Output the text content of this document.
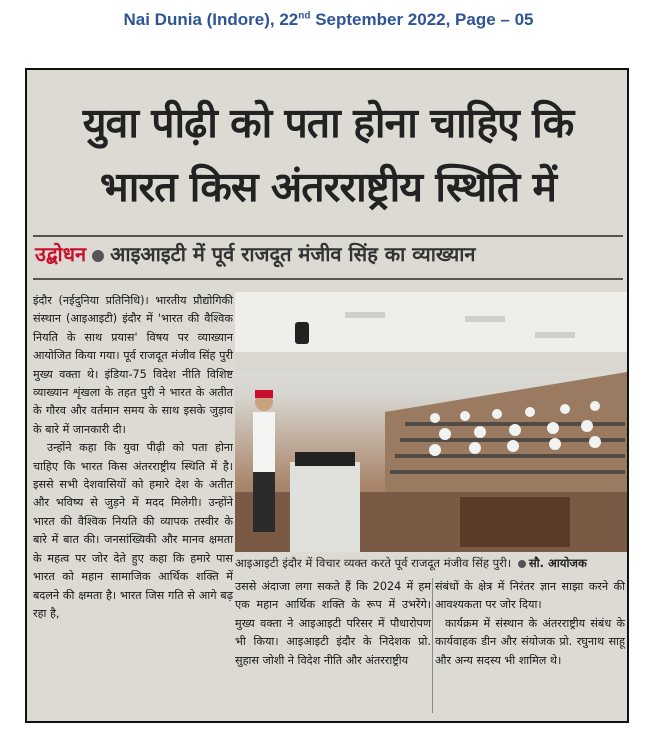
Nai Dunia (Indore), 22nd September 2022, Page – 05
युवा पीढ़ी को पता होना चाहिए कि
भारत किस अंतरराष्ट्रीय स्थिति में
उद्बोधन आइआइटी में पूर्व राजदूत मंजीव सिंह का व्याख्यान

इंदौर (नईदुनिया प्रतिनिधि)। भारतीय प्रौद्योगिकी संस्थान (आइआइटी) इंदौर में 'भारत की वैश्विक नियति के साथ प्रयास' विषय पर व्याख्यान आयोजित किया गया। पूर्व राजदूत मंजीव सिंह पुरी मुख्य वक्ता थे। इंडिया-75 विदेश नीति विशिष्ट व्याख्यान शृंखला के तहत पुरी ने भारत के अतीत के गौरव और वर्तमान समय के साथ इसके जुड़ाव के बारे में जानकारी दी।

उन्होंने कहा कि युवा पीढ़ी को पता होना चाहिए कि भारत किस अंतरराष्ट्रीय स्थिति में है। इससे सभी देशवासियों को हमारे देश के अतीत और भविष्य से जुड़ने में मदद मिलेगी। उन्होंने भारत की वैश्विक नियति की व्यापक तस्वीर के बारे में बात की। जनसांख्यिकी और मानव क्षमता के महत्व पर जोर देते हुए कहा कि हमारे पास भारत को महान सामाजिक आर्थिक शक्ति में बदलने की क्षमता है। भारत जिस गति से आगे बढ़ रहा है,

आइआइटी इंदौर में विचार व्यक्त करते पूर्व राजदूत मंजीव सिंह पुरी। सौ. आयोजक

उससे अंदाजा लगा सकते हैं कि 2024 में हम एक महान आर्थिक शक्ति के रूप में उभरेंगे। मुख्य वक्ता ने आइआइटी परिसर में पौधारोपण भी किया। आइआइटी इंदौर के निदेशक प्रो. सुहास जोशी ने विदेश नीति और अंतरराष्ट्रीय

संबंधों के क्षेत्र में निरंतर ज्ञान साझा करने की आवश्यकता पर जोर दिया।

कार्यक्रम में संस्थान के अंतरराष्ट्रीय संबंध के कार्यवाहक डीन और संयोजक प्रो. रघुनाथ साहू और अन्य सदस्य भी शामिल थे।
